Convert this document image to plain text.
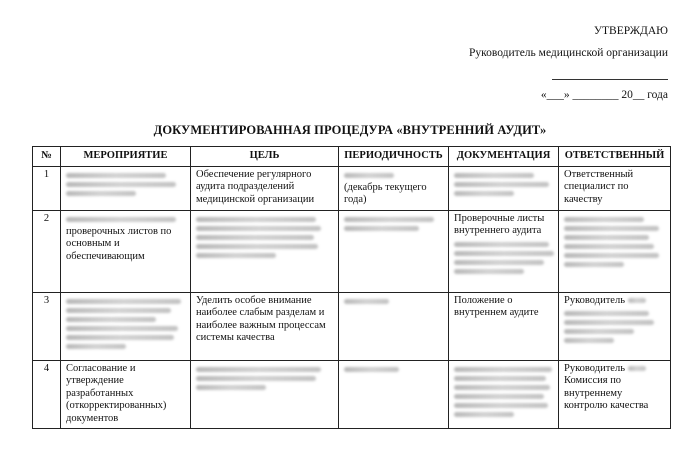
УТВЕРЖДАЮ
Руководитель медицинской организации
«___» ________ 20__ года
ДОКУМЕНТИРОВАННАЯ ПРОЦЕДУРА «ВНУТРЕННИЙ АУДИТ»
№	МЕРОПРИЯТИЕ	ЦЕЛЬ	ПЕРИОДИЧНОСТЬ	ДОКУМЕНТАЦИЯ	ОТВЕТСТВЕННЫЙ
1		Обеспечение регулярного аудита подразделений медицинской организации	(декабрь текущего года)		Ответственный специалист по качеству

2	проверочных листов по основным и обеспечивающим			Проверочные листы внутреннего аудита	

3		Уделить особое внимание наиболее слабым разделам и наиболее важным процессам системы качества		Положение о внутреннем аудите	Руководитель

4	Согласование и утверждение разработанных (откорректированных) документов				Руководитель
Комиссия по внутреннему контролю качества
